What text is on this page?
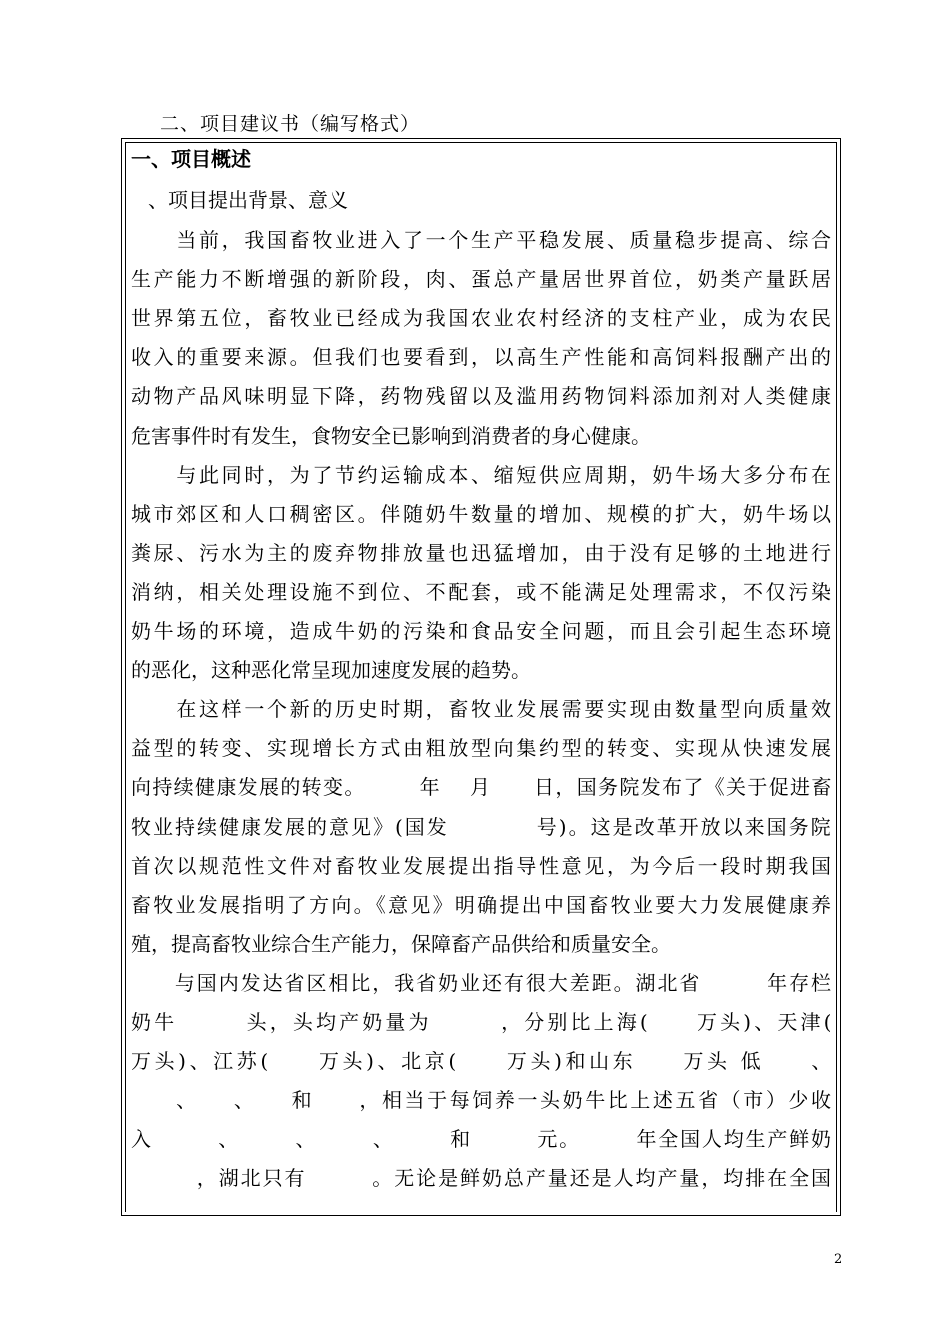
二、项目建议书（编写格式）
一、项目概述
、项目提出背景、意义
　　当前，我国畜牧业进入了一个生产平稳发展、质量稳步提高、综合
生产能力不断增强的新阶段，肉、蛋总产量居世界首位，奶类产量跃居
世界第五位，畜牧业已经成为我国农业农村经济的支柱产业，成为农民
收入的重要来源。但我们也要看到，以高生产性能和高饲料报酬产出的
动物产品风味明显下降，药物残留以及滥用药物饲料添加剂对人类健康
危害事件时有发生，食物安全已影响到消费者的身心健康。
　　与此同时，为了节约运输成本、缩短供应周期，奶牛场大多分布在
城市郊区和人口稠密区。伴随奶牛数量的增加、规模的扩大，奶牛场以
粪尿、污水为主的废弃物排放量也迅猛增加，由于没有足够的土地进行
消纳，相关处理设施不到位、不配套，或不能满足处理需求，不仅污染
奶牛场的环境，造成牛奶的污染和食品安全问题，而且会引起生态环境
的恶化，这种恶化常呈现加速度发展的趋势。
　　在这样一个新的历史时期，畜牧业发展需要实现由数量型向质量效
益型的转变、实现增长方式由粗放型向集约型的转变、实现从快速发展
向持续健康发展的转变。　　　年　 月　　日，国务院发布了《关于促进畜
牧业持续健康发展的意见》(国发　　　　号)。这是改革开放以来国务院
首次以规范性文件对畜牧业发展提出指导性意见，为今后一段时期我国
畜牧业发展指明了方向。《意见》明确提出中国畜牧业要大力发展健康养
殖，提高畜牧业综合生产能力，保障畜产品供给和质量安全。
　　与国内发达省区相比，我省奶业还有很大差距。湖北省　　　年存栏
奶牛　　　头，头均产奶量为　　　，分别比上海(　　万头)、天津(
万头)、江苏(　　万头)、北京(　　万头)和山东　　万头 低　　、
　　、　　、　　和　　，相当于每饲养一头奶牛比上述五省（市）少收
入　　　、　　　、　　　、　　　和　　　元。　　　年全国人均生产鲜奶
　　　，湖北只有　　　。无论是鲜奶总产量还是人均产量，均排在全国
2
